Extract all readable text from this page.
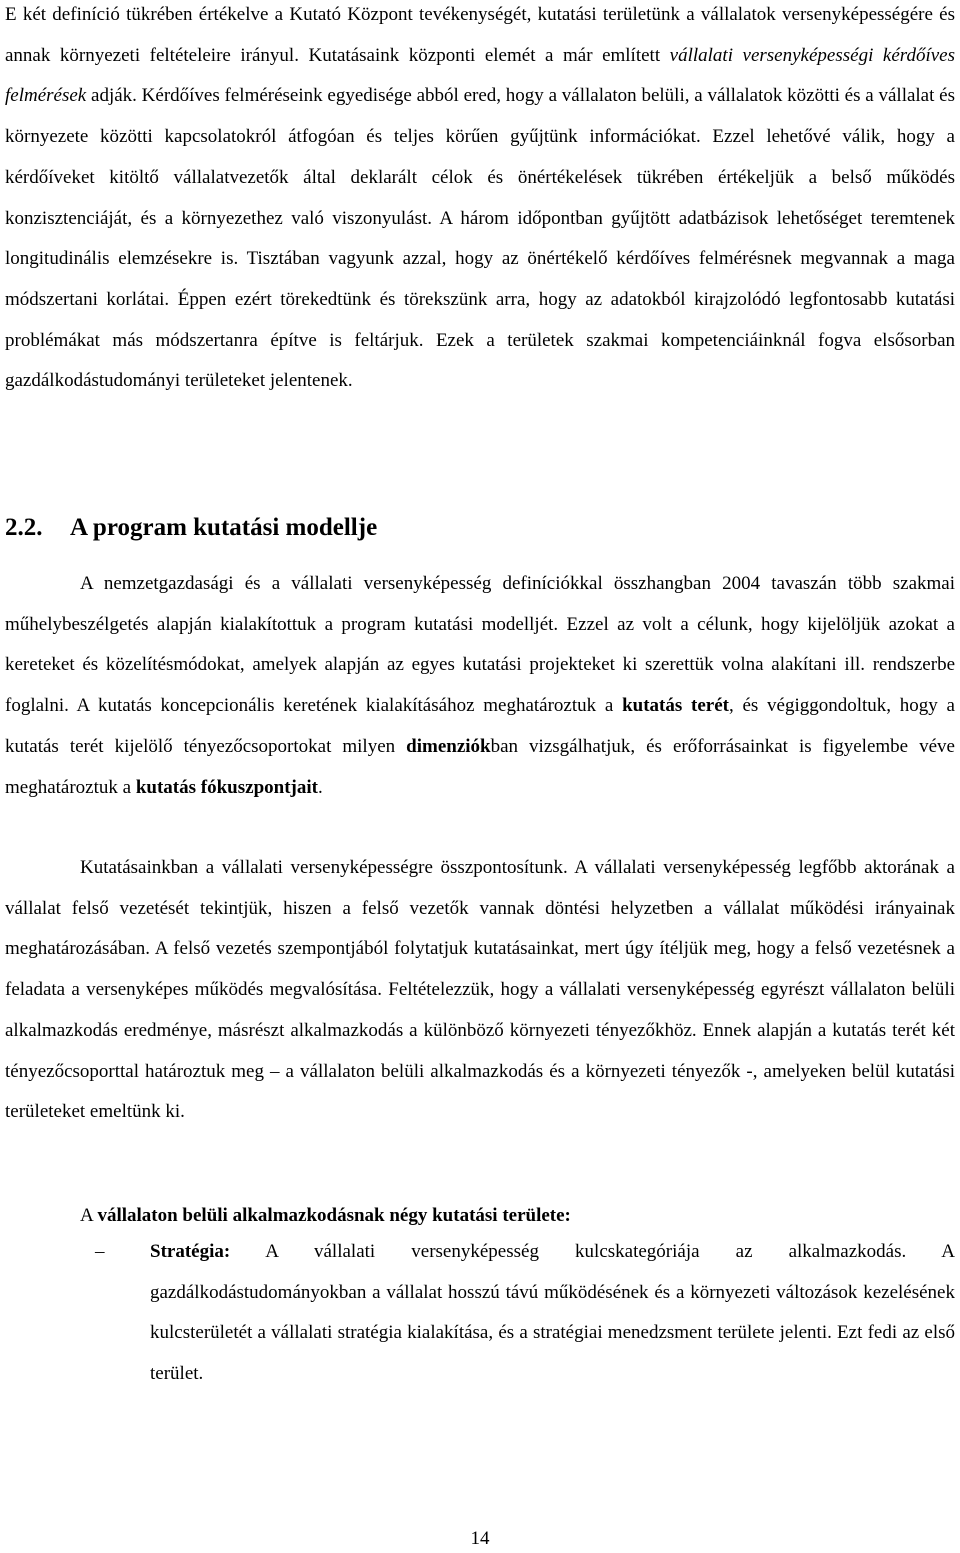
E két definíció tükrében értékelve a Kutató Központ tevékenységét, kutatási területünk a vállalatok versenyképességére és annak környezeti feltételeire irányul. Kutatásaink központi elemét a már említett vállalati versenyképességi kérdőíves felmérések adják. Kérdőíves felméréseink egyedisége abból ered, hogy a vállalaton belüli, a vállalatok közötti és a vállalat és környezete közötti kapcsolatokról átfogóan és teljes körűen gyűjtünk információkat. Ezzel lehetővé válik, hogy a kérdőíveket kitöltő vállalatvezetők által deklarált célok és önértékelések tükrében értékeljük a belső működés konzisztenciáját, és a környezethez való viszonyulást. A három időpontban gyűjtött adatbázisok lehetőséget teremtenek longitudinális elemzésekre is. Tisztában vagyunk azzal, hogy az önértékelő kérdőíves felmérésnek megvannak a maga módszertani korlátai. Éppen ezért törekedtünk és törekszünk arra, hogy az adatokból kirajzolódó legfontosabb kutatási problémákat más módszertanra építve is feltárjuk. Ezek a területek szakmai kompetenciáinknál fogva elsősorban gazdálkodástudományi területeket jelentenek.

2.2. A program kutatási modellje

A nemzetgazdasági és a vállalati versenyképesség definíciókkal összhangban 2004 tavaszán több szakmai műhelybeszélgetés alapján kialakítottuk a program kutatási modelljét. Ezzel az volt a célunk, hogy kijelöljük azokat a kereteket és közelítésmódokat, amelyek alapján az egyes kutatási projekteket ki szerettük volna alakítani ill. rendszerbe foglalni. A kutatás koncepcionális keretének kialakításához meghatároztuk a kutatás terét, és végiggondoltuk, hogy a kutatás terét kijelölő tényezőcsoportokat milyen dimenziókban vizsgálhatjuk, és erőforrásainkat is figyelembe véve meghatároztuk a kutatás fókuszpontjait.

Kutatásainkban a vállalati versenyképességre összpontosítunk. A vállalati versenyképesség legfőbb aktorának a vállalat felső vezetését tekintjük, hiszen a felső vezetők vannak döntési helyzetben a vállalat működési irányainak meghatározásában. A felső vezetés szempontjából folytatjuk kutatásainkat, mert úgy ítéljük meg, hogy a felső vezetésnek a feladata a versenyképes működés megvalósítása. Feltételezzük, hogy a vállalati versenyképesség egyrészt vállalaton belüli alkalmazkodás eredménye, másrészt alkalmazkodás a különböző környezeti tényezőkhöz. Ennek alapján a kutatás terét két tényezőcsoporttal határoztuk meg – a vállalaton belüli alkalmazkodás és a környezeti tényezők -, amelyeken belül kutatási területeket emeltünk ki.

A vállalaton belüli alkalmazkodásnak négy kutatási területe:

– Stratégia: A vállalati versenyképesség kulcskategóriája az alkalmazkodás. A gazdálkodástudományokban a vállalat hosszú távú működésének és a környezeti változások kezelésének kulcsterületét a vállalati stratégia kialakítása, és a stratégiai menedzsment területe jelenti. Ezt fedi az első terület.

14
